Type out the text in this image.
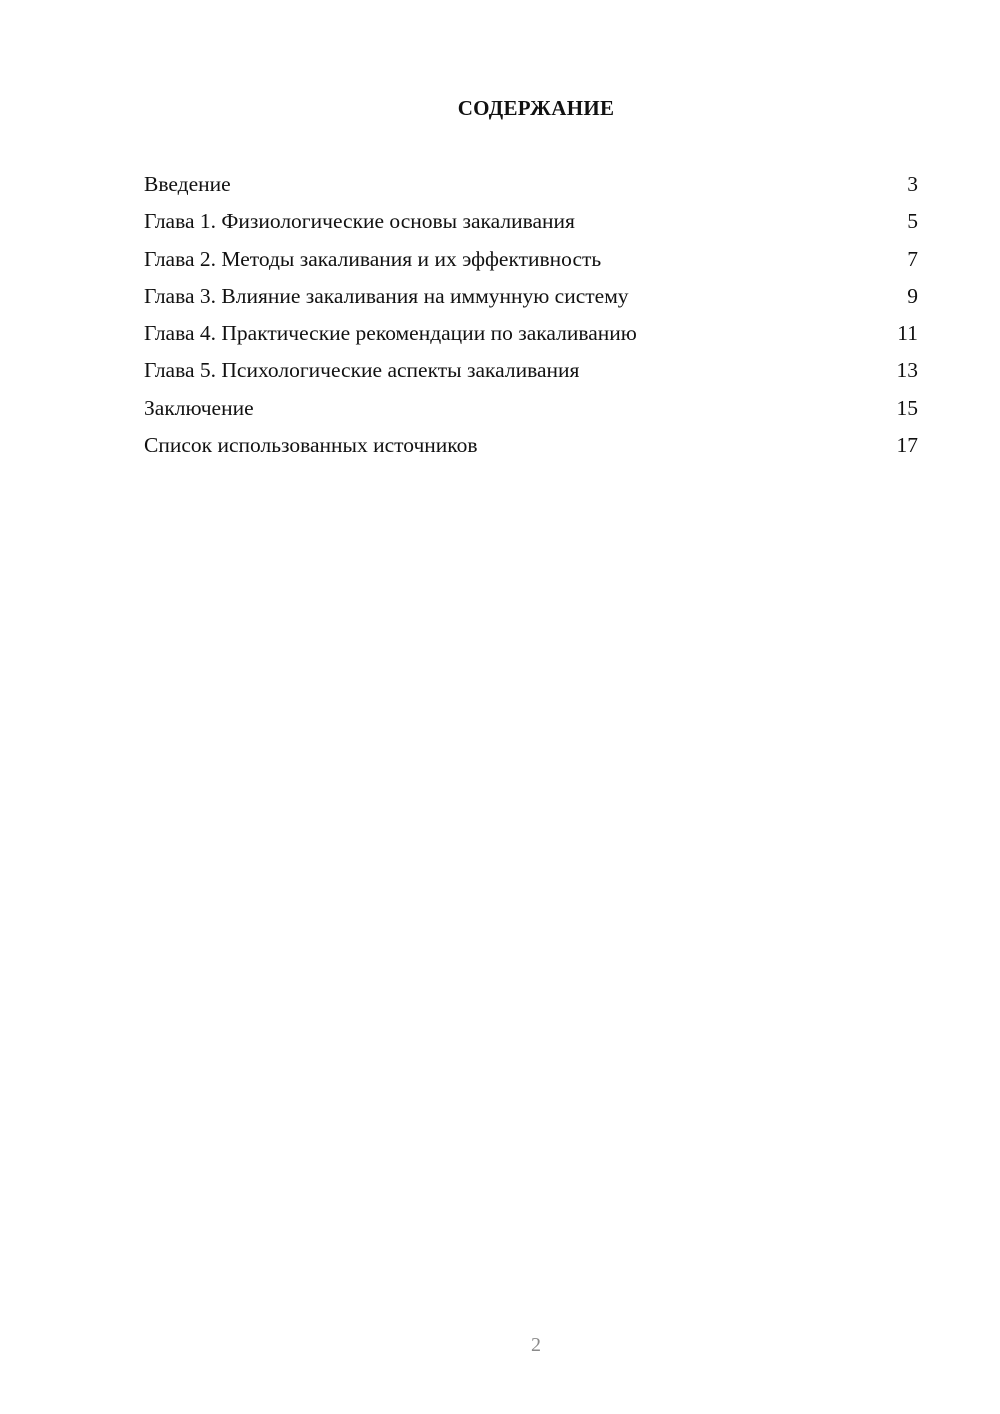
СОДЕРЖАНИЕ
Введение	3
Глава 1. Физиологические основы закаливания	5
Глава 2. Методы закаливания и их эффективность	7
Глава 3. Влияние закаливания на иммунную систему	9
Глава 4. Практические рекомендации по закаливанию	11
Глава 5. Психологические аспекты закаливания	13
Заключение	15
Список использованных источников	17
2
